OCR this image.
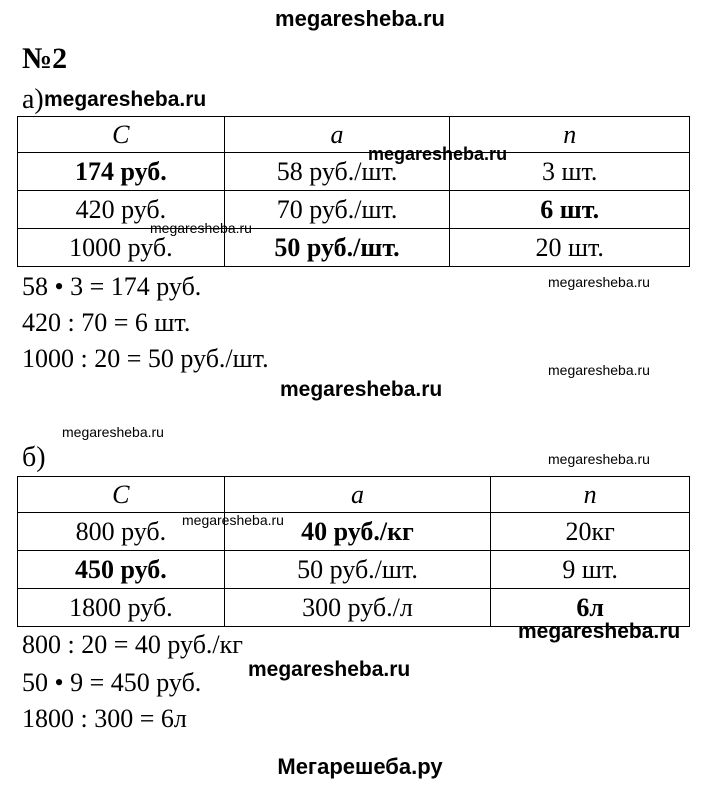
megaresheba.ru
№2
а) megaresheba.ru
C	a	n
174 руб.	58 руб./шт.	3 шт.
420 руб.	70 руб./шт.	6 шт.
1000 руб.	50 руб./шт.	20 шт.
megaresheba.ru
megaresheba.ru
58 • 3 = 174 руб.
420 : 70 = 6 шт.
1000 : 20 = 50 руб./шт.
megaresheba.ru
megaresheba.ru
megaresheba.ru
megaresheba.ru
б)	megaresheba.ru
C	a	n
800 руб.	40 руб./кг	20кг
450 руб.	50 руб./шт.	9 шт.
1800 руб.	300 руб./л	6л
megaresheba.ru
800 : 20 = 40 руб./кг
50 • 9 = 450 руб.
1800 : 300 = 6л
megaresheba.ru
megaresheba.ru
Мегарешеба.ру
